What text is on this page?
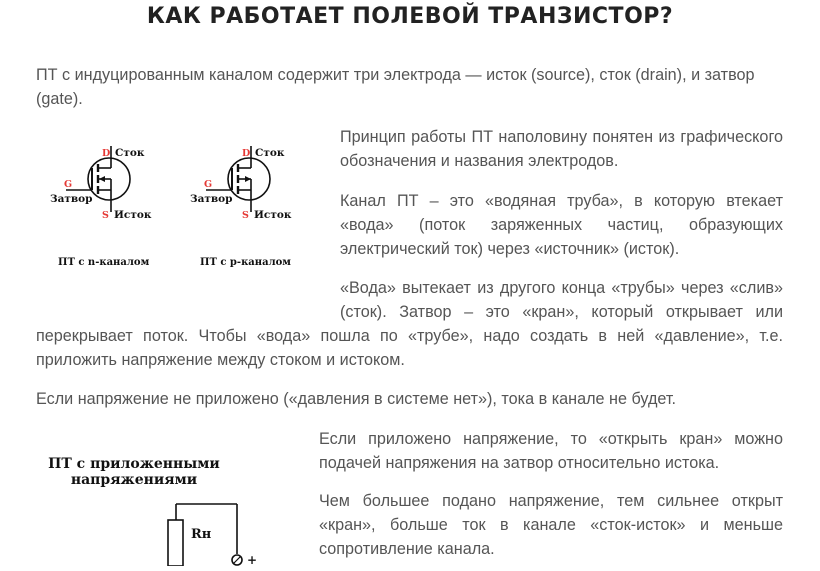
КАК РАБОТАЕТ ПОЛЕВОЙ ТРАНЗИСТОР?

ПТ с индуцированным каналом содержит три электрода — исток (source), сток (drain), и затвор (gate).

D Сток
G
Затвор
S Исток
ПТ с n-каналом
D Сток
G
Затвор
S Исток
ПТ с p-каналом

Принцип работы ПТ наполовину понятен из графического обозначения и названия электродов.

Канал ПТ – это «водяная труба», в которую втекает «вода» (поток заряженных частиц, образующих электрический ток) через «источник» (исток).

«Вода» вытекает из другого конца «трубы» через «слив»

(сток). Затвор – это «кран», который открывает или

перекрывает поток. Чтобы «вода» пошла по «трубе», надо создать в ней «давление», т.е. приложить напряжение между стоком и истоком.

Если напряжение не приложено («давления в системе нет»), тока в канале не будет.

ПТ с приложенными
напряжениями
Rн
+

Если приложено напряжение, то «открыть кран» можно подачей напряжения на затвор относительно истока.

Чем большее подано напряжение, тем сильнее открыт «кран», больше ток в канале «сток-исток» и меньше сопротивление канала.
